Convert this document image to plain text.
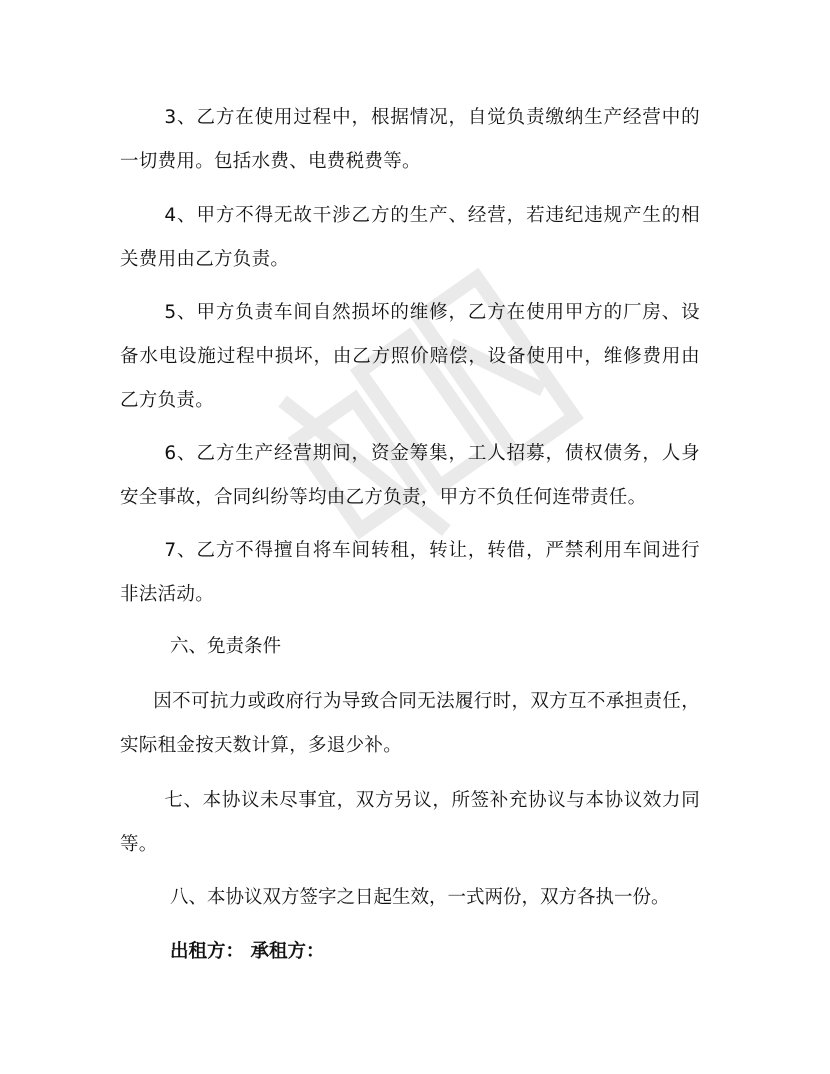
3、乙方在使用过程中，根据情况，自觉负责缴纳生产经营中的一切费用。包括水费、电费税费等。

4、甲方不得无故干涉乙方的生产、经营，若违纪违规产生的相关费用由乙方负责。

5、甲方负责车间自然损坏的维修，乙方在使用甲方的厂房、设备水电设施过程中损坏，由乙方照价赔偿，设备使用中，维修费用由乙方负责。

6、乙方生产经营期间，资金筹集，工人招募，债权债务，人身安全事故，合同纠纷等均由乙方负责，甲方不负任何连带责任。

7、乙方不得擅自将车间转租，转让，转借，严禁利用车间进行非法活动。

六、免责条件

因不可抗力或政府行为导致合同无法履行时，双方互不承担责任，实际租金按天数计算，多退少补。

七、本协议未尽事宜，双方另议，所签补充协议与本协议效力同等。

八、本协议双方签字之日起生效，一式两份，双方各执一份。

出租方： 承租方：
